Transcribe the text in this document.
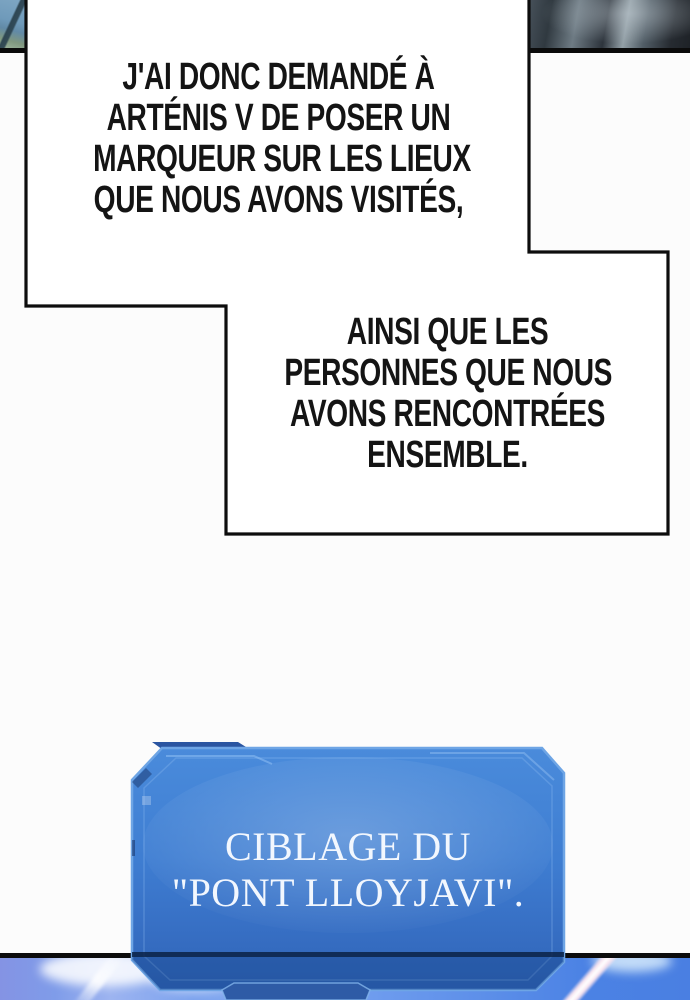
J'AI DONC DEMANDÉ À
ARTÉNIS V DE POSER UN
MARQUEUR SUR LES LIEUX
QUE NOUS AVONS VISITÉS,
AINSI QUE LES
PERSONNES QUE NOUS
AVONS RENCONTRÉES
ENSEMBLE.
CIBLAGE DU
"PONT LLOYJAVI".
